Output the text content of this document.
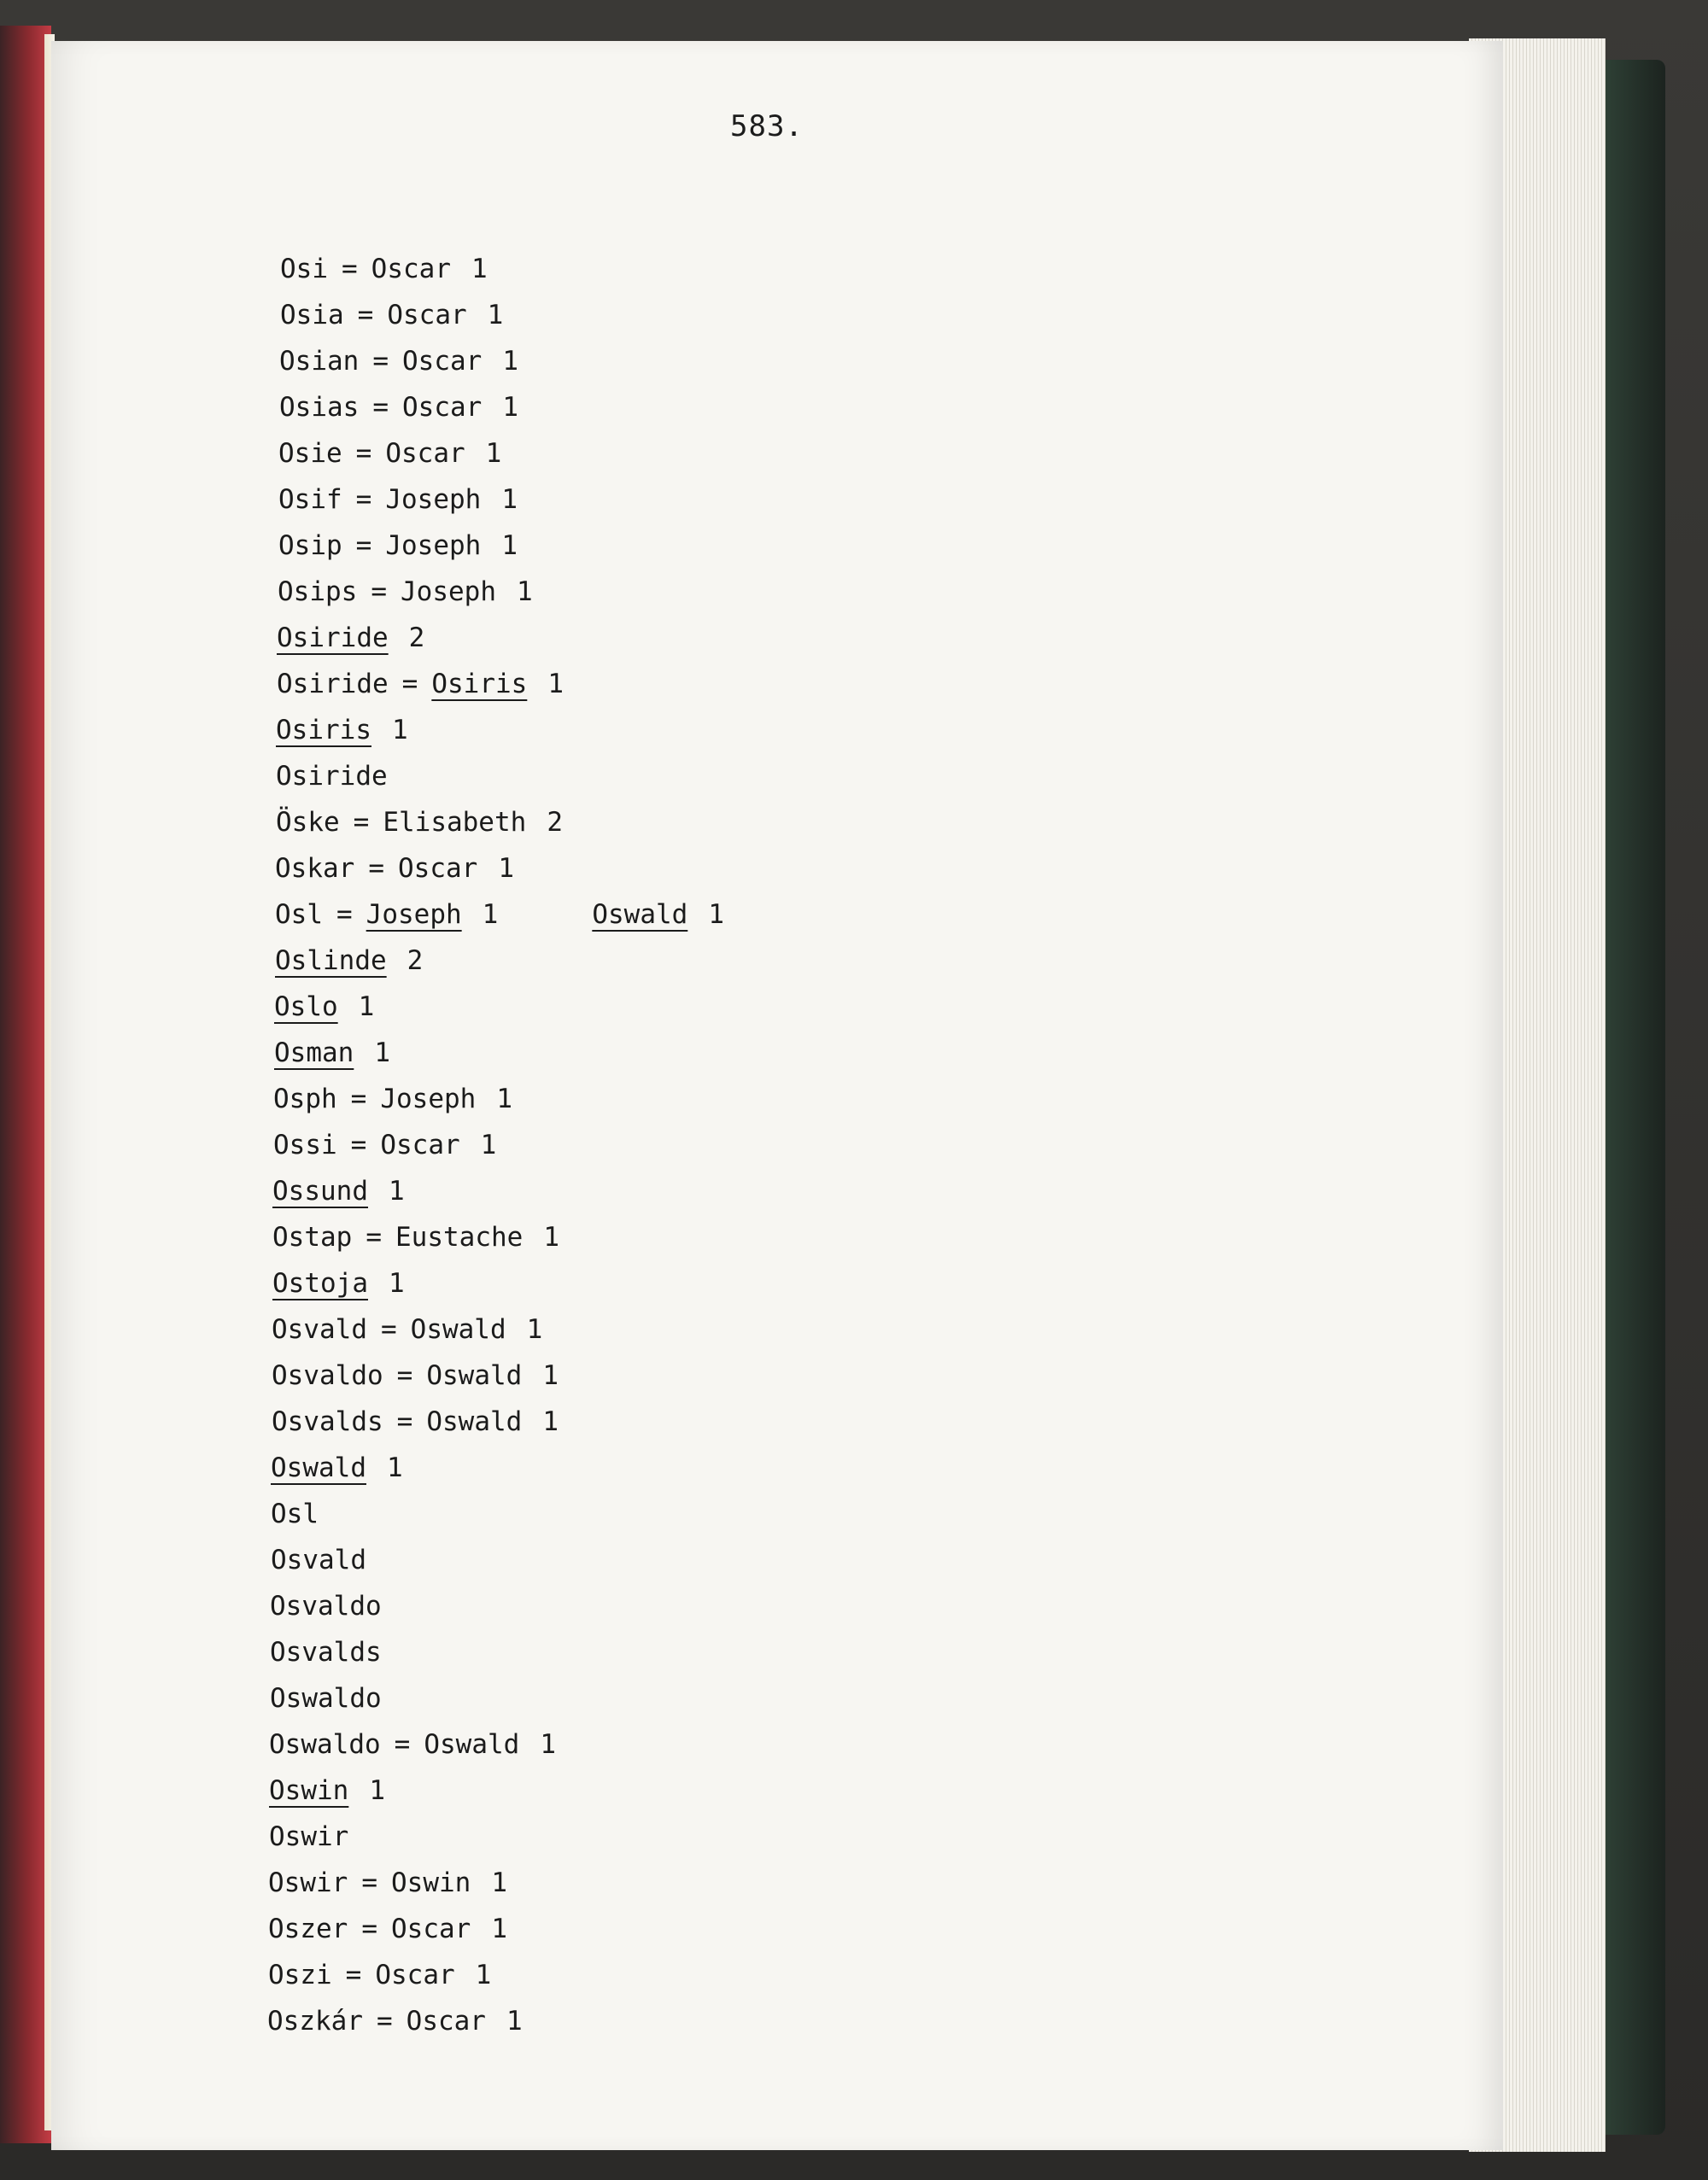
583.
Osi = Oscar 1
Osia = Oscar 1
Osian = Oscar 1
Osias = Oscar 1
Osie = Oscar 1
Osif = Joseph 1
Osip = Joseph 1
Osips = Joseph 1
Osiride 2
Osiride = Osiris 1
Osiris 1
Osiride
Öske = Elisabeth 2
Oskar = Oscar 1
Osl = Joseph 1	Oswald 1
Oslinde 2
Oslo 1
Osman 1
Osph = Joseph 1
Ossi = Oscar 1
Ossund 1
Ostap = Eustache 1
Ostoja 1
Osvald = Oswald 1
Osvaldo = Oswald 1
Osvalds = Oswald 1
Oswald 1
Osl
Osvald
Osvaldo
Osvalds
Oswaldo
Oswaldo = Oswald 1
Oswin 1
Oswir
Oswir = Oswin 1
Oszer = Oscar 1
Oszi = Oscar 1
Oszkár = Oscar 1
